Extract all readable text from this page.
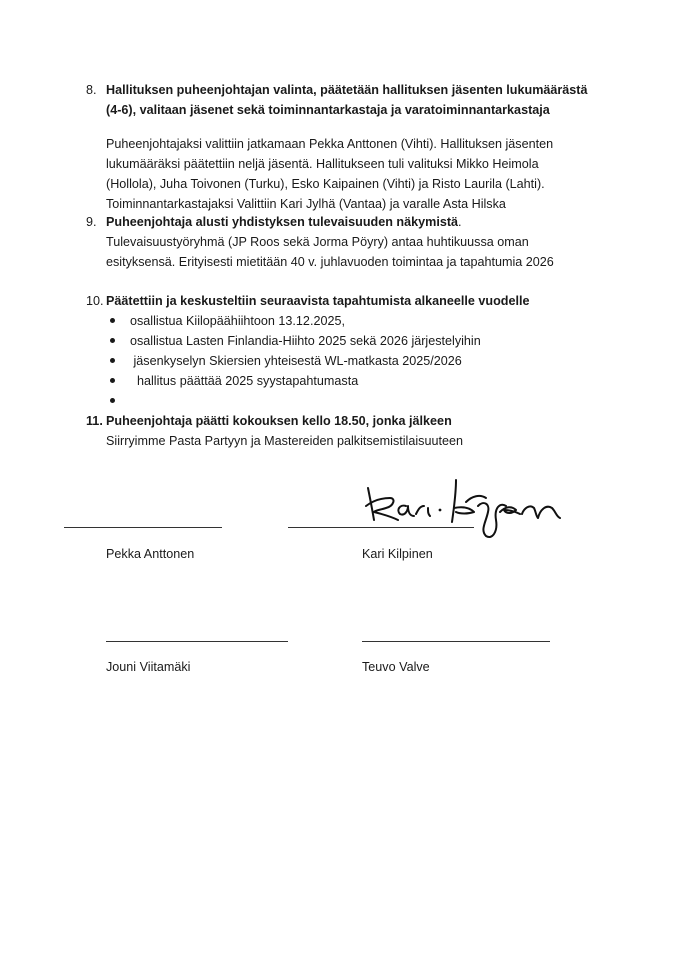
8. Hallituksen puheenjohtajan valinta, päätetään hallituksen jäsenten lukumäärästä
(4-6), valitaan jäsenet sekä toiminnantarkastaja ja varatoiminnantarkastaja
Puheenjohtajaksi valittiin jatkamaan Pekka Anttonen (Vihti). Hallituksen jäsenten
lukumääräksi päätettiin neljä jäsentä. Hallitukseen tuli valituksi Mikko Heimola
(Hollola), Juha Toivonen (Turku), Esko Kaipainen (Vihti) ja Risto Laurila (Lahti).
Toiminnantarkastajaksi Valittiin Kari Jylhä (Vantaa) ja varalle Asta Hilska
9. Puheenjohtaja alusti yhdistyksen tulevaisuuden näkymistä.
Tulevaisuustyöryhmä (JP Roos sekä Jorma Pöyry) antaa huhtikuussa oman
esityksensä. Erityisesti mietitään 40 v. juhlavuoden toimintaa ja tapahtumia 2026
10. Päätettiin ja keskusteltiin seuraavista tapahtumista alkaneelle vuodelle
osallistua Kiilopäähiihtoon 13.12.2025,
osallistua Lasten Finlandia-Hiihto 2025 sekä 2026 järjestelyihin
jäsenkyselyn Skiersien yhteisestä WL-matkasta 2025/2026
hallitus päättää 2025 syystapahtumasta
11. Puheenjohtaja päätti kokouksen kello 18.50, jonka jälkeen
Siirryimme Pasta Partyyn ja Mastereiden palkitsemistilaisuuteen
Pekka Anttonen	Kari Kilpinen
Jouni Viitamäki	Teuvo Valve
